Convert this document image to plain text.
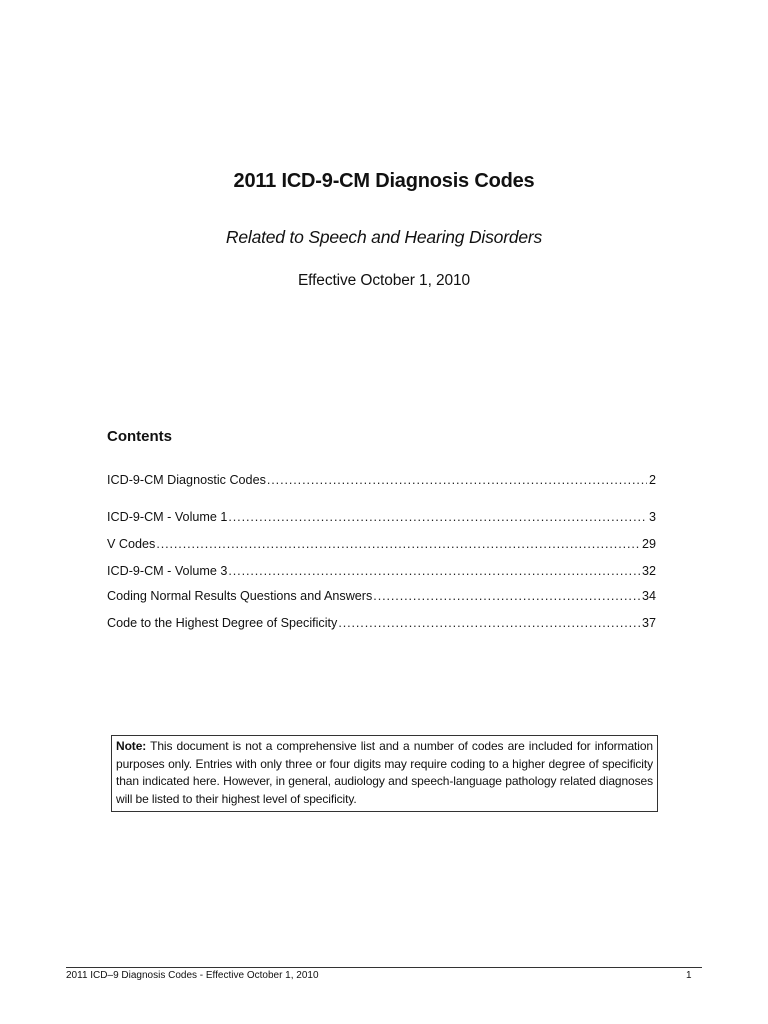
2011 ICD-9-CM Diagnosis Codes
Related to Speech and Hearing Disorders
Effective October 1, 2010
Contents
ICD-9-CM Diagnostic Codes .....	2
ICD-9-CM - Volume 1 .....	3
V Codes .....	29
ICD-9-CM - Volume 3 .....	32
Coding Normal Results Questions and Answers .....	34
Code to the Highest Degree of Specificity .....	37
Note: This document is not a comprehensive list and a number of codes are included for information purposes only. Entries with only three or four digits may require coding to a higher degree of specificity than indicated here. However, in general, audiology and speech-language pathology related diagnoses will be listed to their highest level of specificity.
2011 ICD–9 Diagnosis Codes - Effective October 1, 2010	1
